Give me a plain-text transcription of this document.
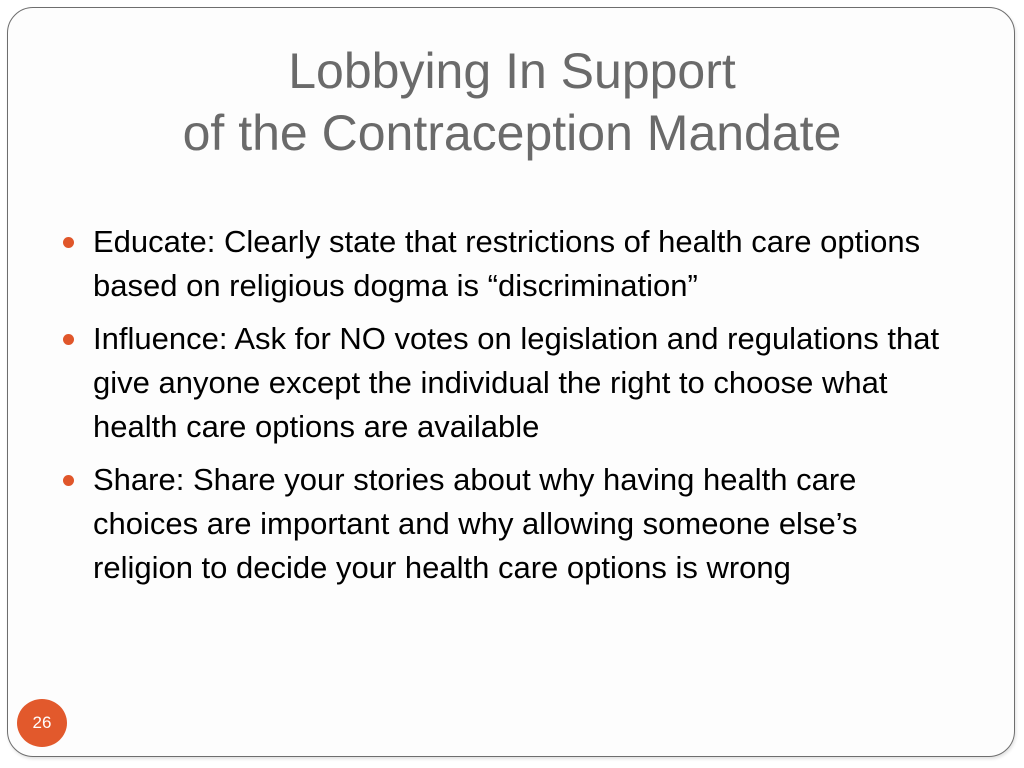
Lobbying In Support
of the Contraception Mandate
Educate: Clearly state that restrictions of health care options based on religious dogma is “discrimination”
Influence: Ask for NO votes on legislation and regulations that give anyone except the individual the right to choose what health care options are available
Share: Share your stories about why having health care choices are important and why allowing someone else’s religion to decide your health care options is wrong
26
